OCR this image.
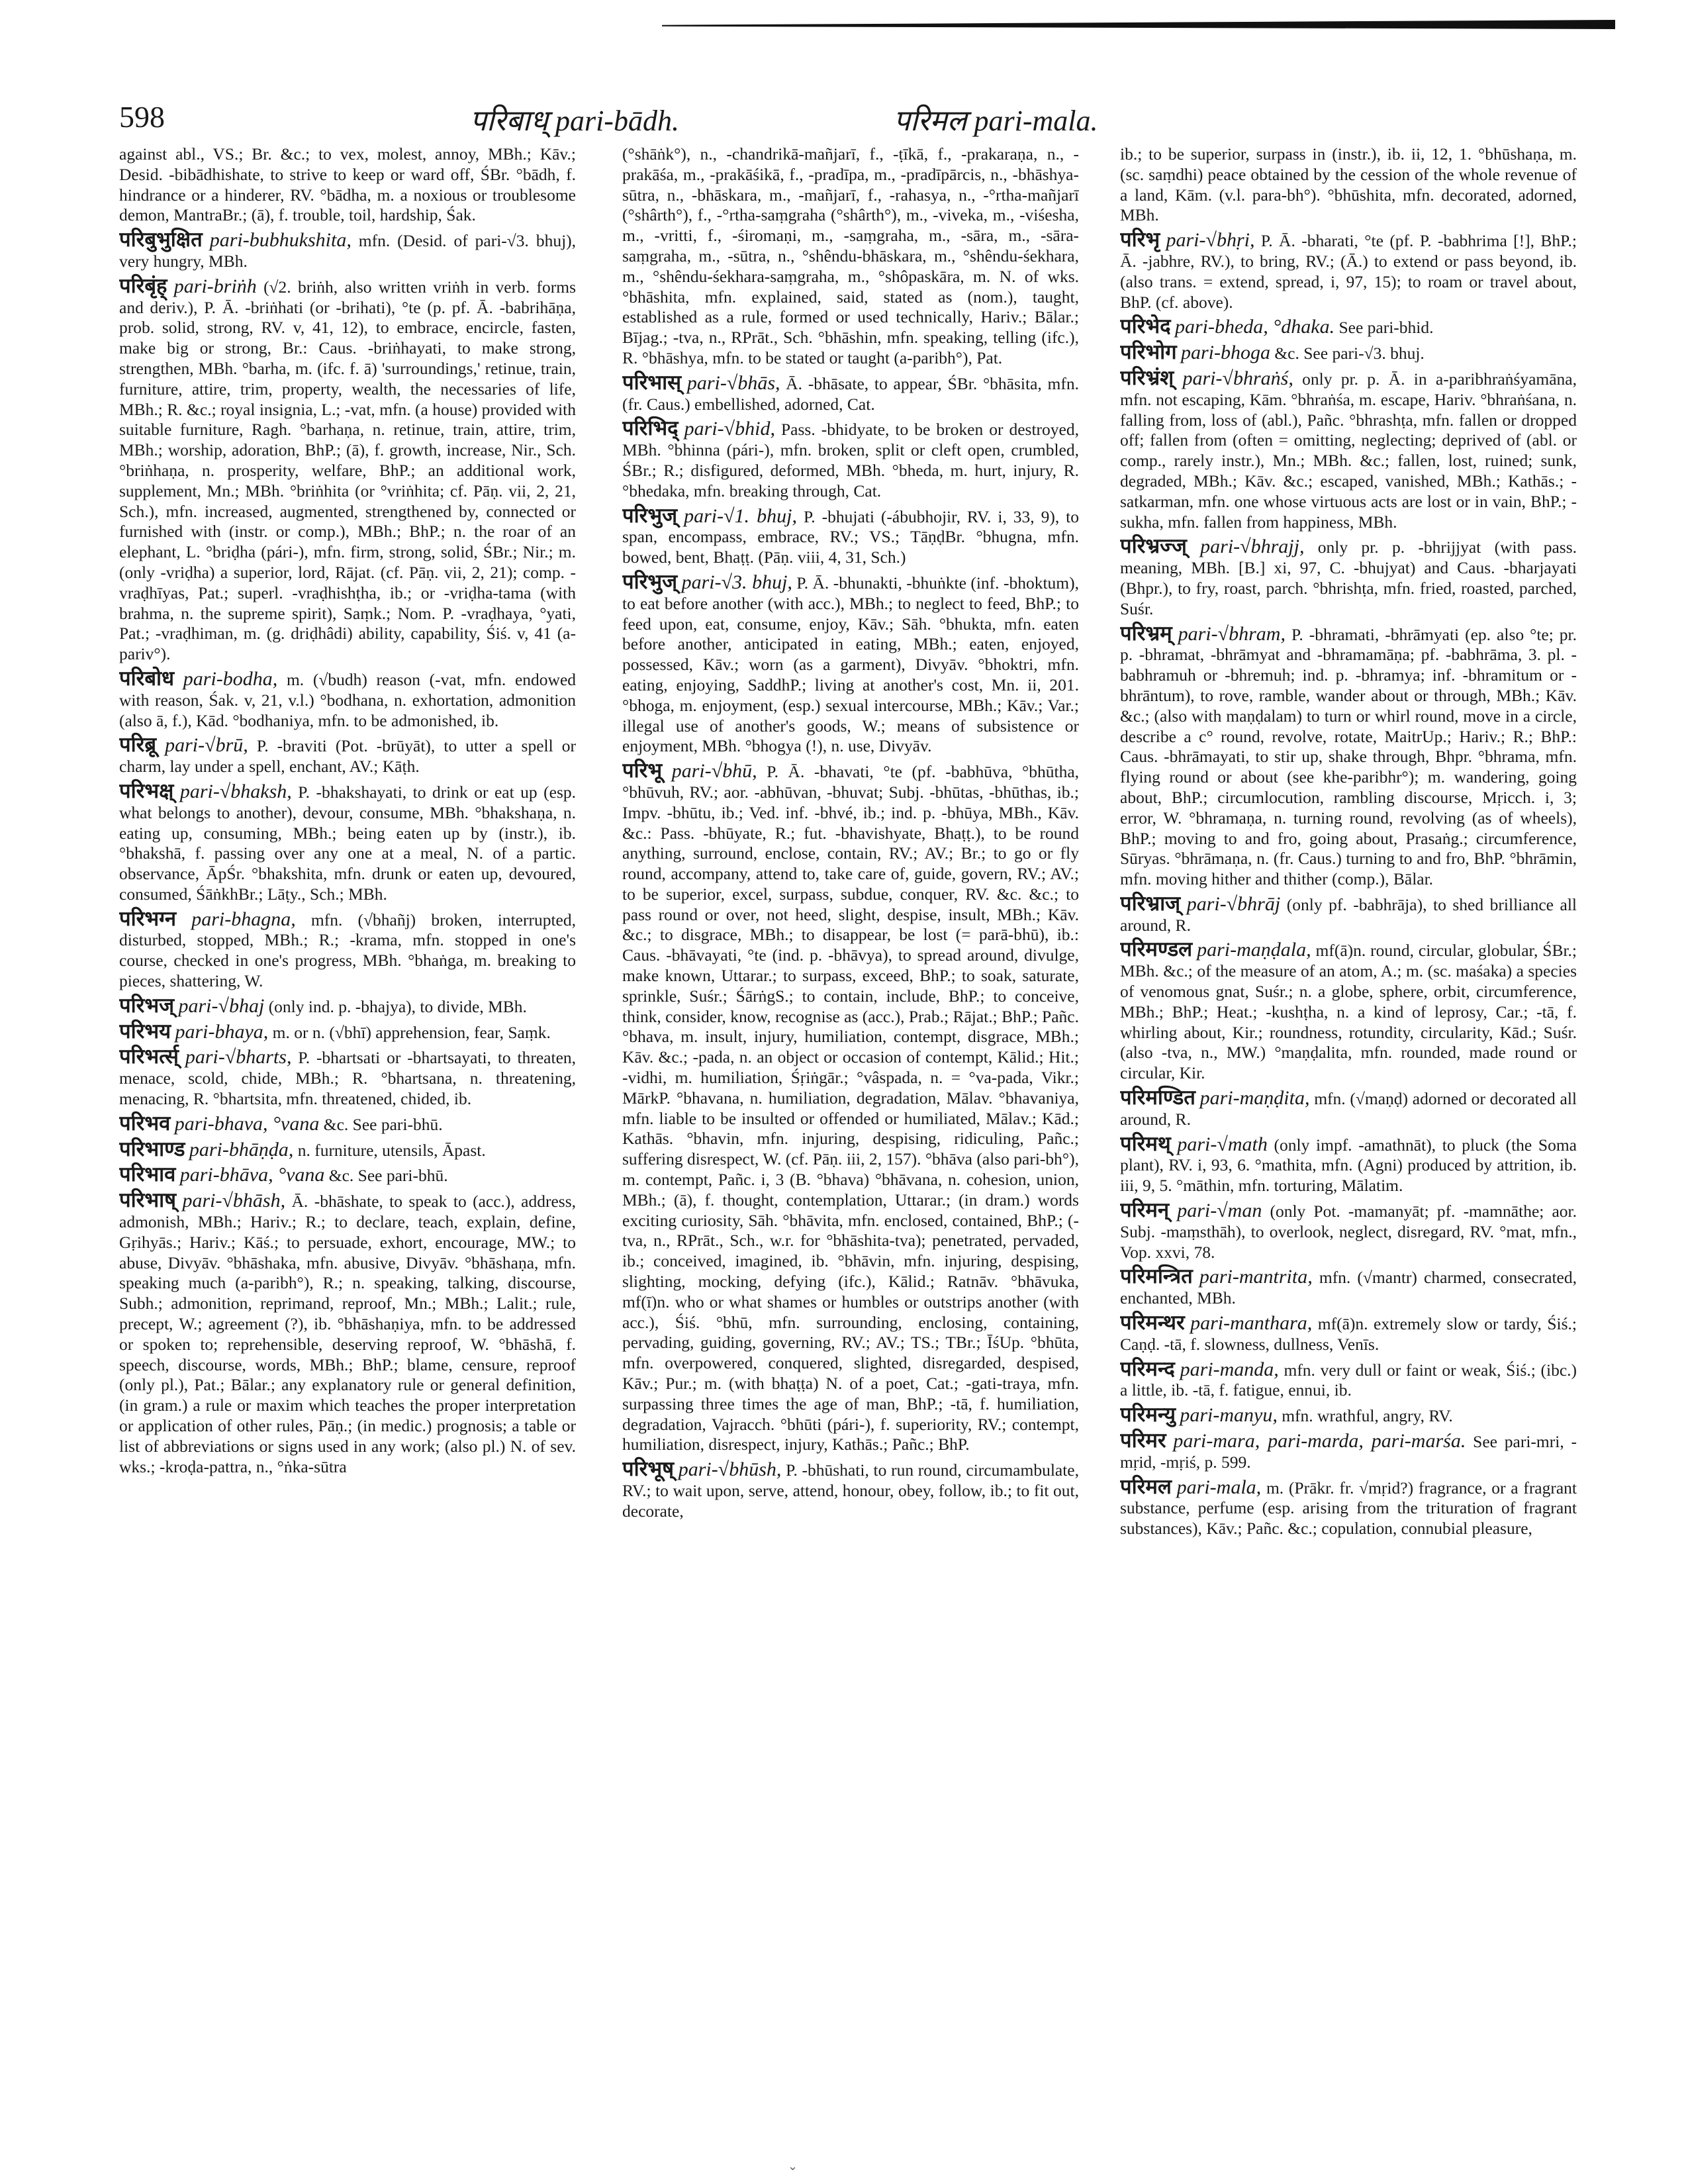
598	परिबाध् pari-bādh.	परिमल pari-mala.

against abl., VS.; Br. &c.; to vex, molest, annoy, MBh.; Kāv.; Desid. -bibādhishate, to strive to keep or ward off, ŚBr. °bādh, f. hindrance or a hinderer, RV. °bādha, m. a noxious or troublesome demon, MantraBr.; (ā), f. trouble, toil, hardship, Śak.

परिबुभुक्षित pari-bubhukshita, mfn. (Desid. of pari-√3. bhuj), very hungry, MBh.

परिबृंह् pari-briṅh (√2. briṅh, also written vriṅh in verb. forms and deriv.), P. Ā. -briṅhati (or -brihati), °te (p. pf. Ā. -babrihāṇa, prob. solid, strong, RV. v, 41, 12), to embrace, encircle, fasten, make big or strong, Br.: Caus. -briṅhayati, to make strong, strengthen, MBh. °barha, m. (ifc. f. ā) 'surroundings,' retinue, train, furniture, attire, trim, property, wealth, the necessaries of life, MBh.; R. &c.; royal insignia, L.; -vat, mfn. (a house) provided with suitable furniture, Ragh. °barhaṇa, n. retinue, train, attire, trim, MBh.; worship, adoration, BhP.; (ā), f. growth, increase, Nir., Sch. °briṅhaṇa, n. prosperity, welfare, BhP.; an additional work, supplement, Mn.; MBh. °briṅhita (or °vriṅhita; cf. Pāṇ. vii, 2, 21, Sch.), mfn. increased, augmented, strengthened by, connected or furnished with (instr. or comp.), MBh.; BhP.; n. the roar of an elephant, L. °briḍha (pári-), mfn. firm, strong, solid, ŚBr.; Nir.; m. (only -vriḍha) a superior, lord, Rājat. (cf. Pāṇ. vii, 2, 21); comp. -vraḍhīyas, Pat.; superl. -vraḍhishṭha, ib.; or -vriḍha-tama (with brahma, n. the supreme spirit), Saṃk.; Nom. P. -vraḍhaya, °yati, Pat.; -vraḍhiman, m. (g. driḍhâdi) ability, capability, Śiś. v, 41 (a-pariv°).

परिबोध pari-bodha, m. (√budh) reason (-vat, mfn. endowed with reason, Śak. v, 21, v.l.) °bodhana, n. exhortation, admonition (also ā, f.), Kād. °bodhaniya, mfn. to be admonished, ib.

परिब्रू pari-√brū, P. -braviti (Pot. -brūyāt), to utter a spell or charm, lay under a spell, enchant, AV.; Kāṭh.

परिभक्ष् pari-√bhaksh, P. -bhakshayati, to drink or eat up (esp. what belongs to another), devour, consume, MBh. °bhakshaṇa, n. eating up, consuming, MBh.; being eaten up by (instr.), ib. °bhakshā, f. passing over any one at a meal, N. of a partic. observance, ĀpŚr. °bhakshita, mfn. drunk or eaten up, devoured, consumed, ŚāṅkhBr.; Lāṭy., Sch.; MBh.

परिभग्न pari-bhagna, mfn. (√bhañj) broken, interrupted, disturbed, stopped, MBh.; R.; -krama, mfn. stopped in one's course, checked in one's progress, MBh. °bhaṅga, m. breaking to pieces, shattering, W.

परिभज् pari-√bhaj (only ind. p. -bhajya), to divide, MBh.

परिभय pari-bhaya, m. or n. (√bhī) apprehension, fear, Saṃk.

परिभर्त्स् pari-√bharts, P. -bhartsati or -bhartsayati, to threaten, menace, scold, chide, MBh.; R. °bhartsana, n. threatening, menacing, R. °bhartsita, mfn. threatened, chided, ib.

परिभव pari-bhava, °vana &c. See pari-bhū.

परिभाण्ड pari-bhāṇḍa, n. furniture, utensils, Āpast.

परिभाव pari-bhāva, °vana &c. See pari-bhū.

परिभाष् pari-√bhāsh, Ā. -bhāshate, to speak to (acc.), address, admonish, MBh.; Hariv.; R.; to declare, teach, explain, define, Gṛihyās.; Hariv.; Kāś.; to persuade, exhort, encourage, MW.; to abuse, Divyāv. °bhāshaka, mfn. abusive, Divyāv. °bhāshaṇa, mfn. speaking much (a-paribh°), R.; n. speaking, talking, discourse, Subh.; admonition, reprimand, reproof, Mn.; MBh.; Lalit.; rule, precept, W.; agreement (?), ib. °bhāshaṇiya, mfn. to be addressed or spoken to; reprehensible, deserving reproof, W. °bhāshā, f. speech, discourse, words, MBh.; BhP.; blame, censure, reproof (only pl.), Pat.; Bālar.; any explanatory rule or general definition, (in gram.) a rule or maxim which teaches the proper interpretation or application of other rules, Pāṇ.; (in medic.) prognosis; a table or list of abbreviations or signs used in any work; (also pl.) N. of sev. wks.; -kroḍa-pattra, n., °ṅka-sūtra

(°shāṅk°), n., -chandrikā-mañjarī, f., -ṭīkā, f., -prakaraṇa, n., -prakāśa, m., -prakāśikā, f., -pradīpa, m., -pradīpārcis, n., -bhāshya-sūtra, n., -bhāskara, m., -mañjarī, f., -rahasya, n., -°rtha-mañjarī (°shârth°), f., -°rtha-saṃgraha (°shârth°), m., -viveka, m., -viśesha, m., -vritti, f., -śiromaṇi, m., -saṃgraha, m., -sāra, m., -sāra-saṃgraha, m., -sūtra, n., °shêndu-bhāskara, m., °shêndu-śekhara, m., °shêndu-śekhara-saṃgraha, m., °shôpaskāra, m. N. of wks. °bhāshita, mfn. explained, said, stated as (nom.), taught, established as a rule, formed or used technically, Hariv.; Bālar.; Bījag.; -tva, n., RPrāt., Sch. °bhāshin, mfn. speaking, telling (ifc.), R. °bhāshya, mfn. to be stated or taught (a-paribh°), Pat.

परिभास् pari-√bhās, Ā. -bhāsate, to appear, ŚBr. °bhāsita, mfn. (fr. Caus.) embellished, adorned, Cat.

परिभिद् pari-√bhid, Pass. -bhidyate, to be broken or destroyed, MBh. °bhinna (pári-), mfn. broken, split or cleft open, crumbled, ŚBr.; R.; disfigured, deformed, MBh. °bheda, m. hurt, injury, R. °bhedaka, mfn. breaking through, Cat.

परिभुज् pari-√1. bhuj, P. -bhujati (-ábubhojir, RV. i, 33, 9), to span, encompass, embrace, RV.; VS.; TāṇḍBr. °bhugna, mfn. bowed, bent, Bhaṭṭ. (Pāṇ. viii, 4, 31, Sch.)

परिभुज् pari-√3. bhuj, P. Ā. -bhunakti, -bhuṅkte (inf. -bhoktum), to eat before another (with acc.), MBh.; to neglect to feed, BhP.; to feed upon, eat, consume, enjoy, Kāv.; Sāh. °bhukta, mfn. eaten before another, anticipated in eating, MBh.; eaten, enjoyed, possessed, Kāv.; worn (as a garment), Divyāv. °bhoktri, mfn. eating, enjoying, SaddhP.; living at another's cost, Mn. ii, 201. °bhoga, m. enjoyment, (esp.) sexual intercourse, MBh.; Kāv.; Var.; illegal use of another's goods, W.; means of subsistence or enjoyment, MBh. °bhogya (!), n. use, Divyāv.

परिभू pari-√bhū, P. Ā. -bhavati, °te (pf. -babhūva, °bhūtha, °bhūvuh, RV.; aor. -abhūvan, -bhuvat; Subj. -bhūtas, -bhūthas, ib.; Impv. -bhūtu, ib.; Ved. inf. -bhvé, ib.; ind. p. -bhūya, MBh., Kāv. &c.: Pass. -bhūyate, R.; fut. -bhavishyate, Bhaṭṭ.), to be round anything, surround, enclose, contain, RV.; AV.; Br.; to go or fly round, accompany, attend to, take care of, guide, govern, RV.; AV.; to be superior, excel, surpass, subdue, conquer, RV. &c. &c.; to pass round or over, not heed, slight, despise, insult, MBh.; Kāv. &c.; to disgrace, MBh.; to disappear, be lost (= parā-bhū), ib.: Caus. -bhāvayati, °te (ind. p. -bhāvya), to spread around, divulge, make known, Uttarar.; to surpass, exceed, BhP.; to soak, saturate, sprinkle, Suśr.; ŚārṅgS.; to contain, include, BhP.; to conceive, think, consider, know, recognise as (acc.), Prab.; Rājat.; BhP.; Pañc. °bhava, m. insult, injury, humiliation, contempt, disgrace, MBh.; Kāv. &c.; -pada, n. an object or occasion of contempt, Kālid.; Hit.; -vidhi, m. humiliation, Śṛiṅgār.; °vâspada, n. = °va-pada, Vikr.; MārkP. °bhavana, n. humiliation, degradation, Mālav. °bhavaniya, mfn. liable to be insulted or offended or humiliated, Mālav.; Kād.; Kathās. °bhavin, mfn. injuring, despising, ridiculing, Pañc.; suffering disrespect, W. (cf. Pāṇ. iii, 2, 157). °bhāva (also pari-bh°), m. contempt, Pañc. i, 3 (B. °bhava) °bhāvana, n. cohesion, union, MBh.; (ā), f. thought, contemplation, Uttarar.; (in dram.) words exciting curiosity, Sāh. °bhāvita, mfn. enclosed, contained, BhP.; (-tva, n., RPrāt., Sch., w.r. for °bhāshita-tva); penetrated, pervaded, ib.; conceived, imagined, ib. °bhāvin, mfn. injuring, despising, slighting, mocking, defying (ifc.), Kālid.; Ratnāv. °bhāvuka, mf(ī)n. who or what shames or humbles or outstrips another (with acc.), Śiś. °bhū, mfn. surrounding, enclosing, containing, pervading, guiding, governing, RV.; AV.; TS.; TBr.; ĪśUp. °bhūta, mfn. overpowered, conquered, slighted, disregarded, despised, Kāv.; Pur.; m. (with bhaṭṭa) N. of a poet, Cat.; -gati-traya, mfn. surpassing three times the age of man, BhP.; -tā, f. humiliation, degradation, Vajracch. °bhūti (pári-), f. superiority, RV.; contempt, humiliation, disrespect, injury, Kathās.; Pañc.; BhP.

परिभूष् pari-√bhūsh, P. -bhūshati, to run round, circumambulate, RV.; to wait upon, serve, attend, honour, obey, follow, ib.; to fit out, decorate,

ib.; to be superior, surpass in (instr.), ib. ii, 12, 1. °bhūshaṇa, m. (sc. saṃdhi) peace obtained by the cession of the whole revenue of a land, Kām. (v.l. para-bh°). °bhūshita, mfn. decorated, adorned, MBh.

परिभृ pari-√bhṛi, P. Ā. -bharati, °te (pf. P. -babhrima [!], BhP.; Ā. -jabhre, RV.), to bring, RV.; (Ā.) to extend or pass beyond, ib. (also trans. = extend, spread, i, 97, 15); to roam or travel about, BhP. (cf. above).

परिभेद pari-bheda, °dhaka. See pari-bhid.

परिभोग pari-bhoga &c. See pari-√3. bhuj.

परिभ्रंश् pari-√bhraṅś, only pr. p. Ā. in a-paribhraṅśyamāna, mfn. not escaping, Kām. °bhraṅśa, m. escape, Hariv. °bhraṅśana, n. falling from, loss of (abl.), Pañc. °bhrashṭa, mfn. fallen or dropped off; fallen from (often = omitting, neglecting; deprived of (abl. or comp., rarely instr.), Mn.; MBh. &c.; fallen, lost, ruined; sunk, degraded, MBh.; Kāv. &c.; escaped, vanished, MBh.; Kathās.; -satkarman, mfn. one whose virtuous acts are lost or in vain, BhP.; -sukha, mfn. fallen from happiness, MBh.

परिभ्रज्ज् pari-√bhrajj, only pr. p. -bhrijjyat (with pass. meaning, MBh. [B.] xi, 97, C. -bhujyat) and Caus. -bharjayati (Bhpr.), to fry, roast, parch. °bhrishṭa, mfn. fried, roasted, parched, Suśr.

परिभ्रम् pari-√bhram, P. -bhramati, -bhrāmyati (ep. also °te; pr. p. -bhramat, -bhrāmyat and -bhramamāṇa; pf. -babhrāma, 3. pl. -babhramuh or -bhremuh; ind. p. -bhramya; inf. -bhramitum or -bhrāntum), to rove, ramble, wander about or through, MBh.; Kāv. &c.; (also with maṇḍalam) to turn or whirl round, move in a circle, describe a c° round, revolve, rotate, MaitrUp.; Hariv.; R.; BhP.: Caus. -bhrāmayati, to stir up, shake through, Bhpr. °bhrama, mfn. flying round or about (see khe-paribhr°); m. wandering, going about, BhP.; circumlocution, rambling discourse, Mṛicch. i, 3; error, W. °bhramaṇa, n. turning round, revolving (as of wheels), BhP.; moving to and fro, going about, Prasaṅg.; circumference, Sūryas. °bhrāmaṇa, n. (fr. Caus.) turning to and fro, BhP. °bhrāmin, mfn. moving hither and thither (comp.), Bālar.

परिभ्राज् pari-√bhrāj (only pf. -babhrāja), to shed brilliance all around, R.

परिमण्डल pari-maṇḍala, mf(ā)n. round, circular, globular, ŚBr.; MBh. &c.; of the measure of an atom, A.; m. (sc. maśaka) a species of venomous gnat, Suśr.; n. a globe, sphere, orbit, circumference, MBh.; BhP.; Heat.; -kushṭha, n. a kind of leprosy, Car.; -tā, f. whirling about, Kir.; roundness, rotundity, circularity, Kād.; Suśr. (also -tva, n., MW.) °maṇḍalita, mfn. rounded, made round or circular, Kir.

परिमण्डित pari-maṇḍita, mfn. (√maṇḍ) adorned or decorated all around, R.

परिमथ् pari-√math (only impf. -amathnāt), to pluck (the Soma plant), RV. i, 93, 6. °mathita, mfn. (Agni) produced by attrition, ib. iii, 9, 5. °māthin, mfn. torturing, Mālatim.

परिमन् pari-√man (only Pot. -mamanyāt; pf. -mamnāthe; aor. Subj. -maṃsthāh), to overlook, neglect, disregard, RV. °mat, mfn., Vop. xxvi, 78.

परिमन्त्रित pari-mantrita, mfn. (√mantr) charmed, consecrated, enchanted, MBh.

परिमन्थर pari-manthara, mf(ā)n. extremely slow or tardy, Śiś.; Caṇḍ. -tā, f. slowness, dullness, Venīs.

परिमन्द pari-manda, mfn. very dull or faint or weak, Śiś.; (ibc.) a little, ib. -tā, f. fatigue, ennui, ib.

परिमन्यु pari-manyu, mfn. wrathful, angry, RV.

परिमर pari-mara, pari-marda, pari-marśa. See pari-mri, -mṛid, -mṛiś, p. 599.

परिमल pari-mala, m. (Prākr. fr. √mṛid?) fragrance, or a fragrant substance, perfume (esp. arising from the trituration of fragrant substances), Kāv.; Pañc. &c.; copulation, connubial pleasure,

⌄
